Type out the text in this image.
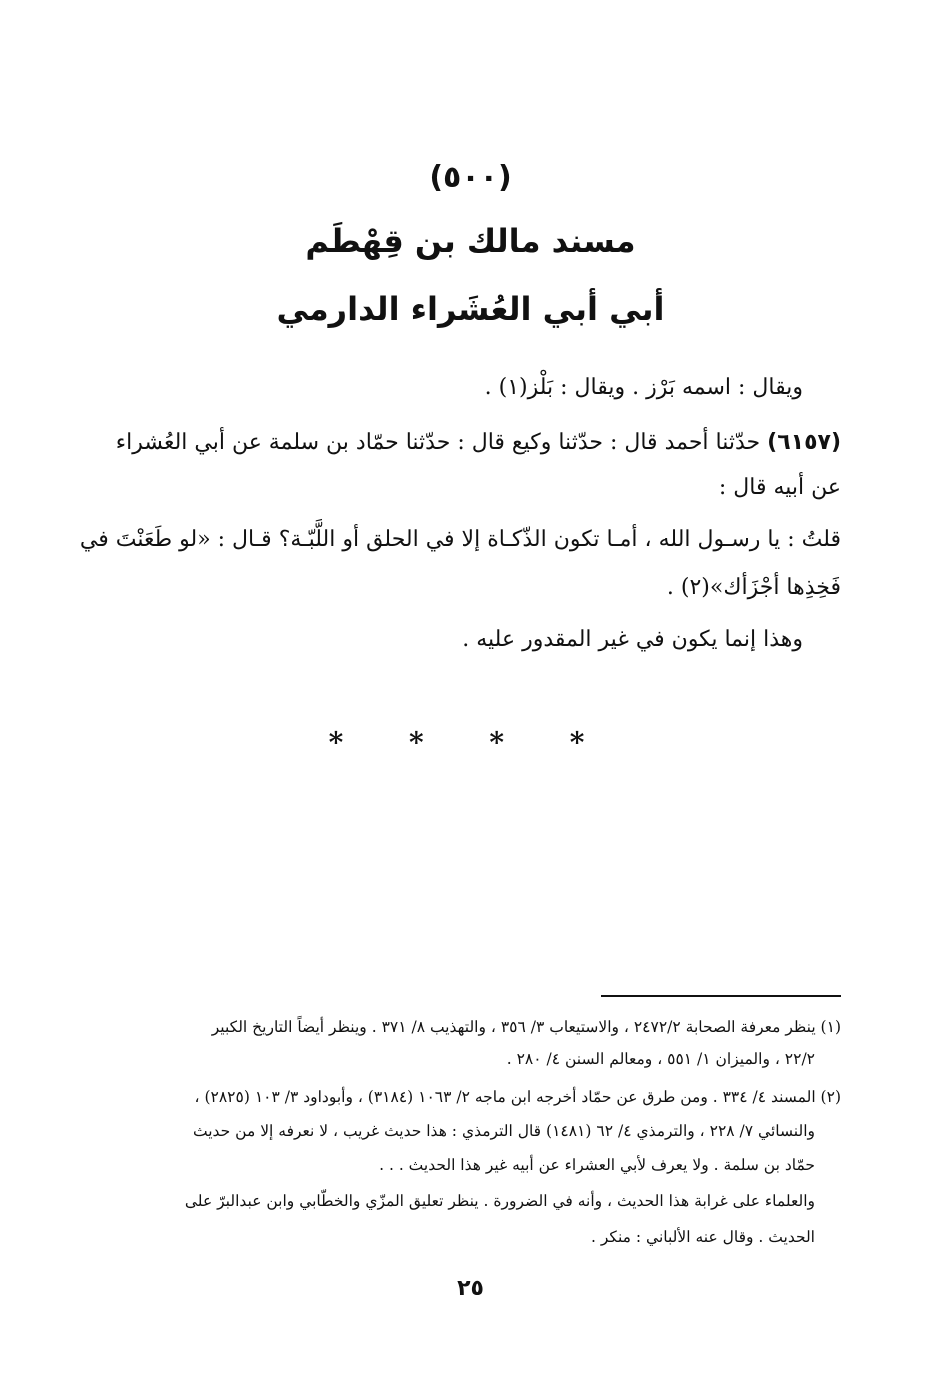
(٥٠٠)
مسند مالك بن قِهْطَم
أبي أبي العُشَراء الدارمي
ويقال : اسمه بَرْز . ويقال : بَلْز(١) .
(٦١٥٧) حدّثنا أحمد قال : حدّثنا وكيع قال : حدّثنا حمّاد بن سلمة عن أبي العُشراء
عن أبيه قال :
قلتُ : يا رسـول الله ، أمـا تكون الذّكـاة إلا في الحلق أو اللَّبّـة؟ قـال : «لو طَعَنْتَ في
فَخِذِها أجْزَأك»(٢) .
وهذا إنما يكون في غير المقدور عليه .
* * * *
(١) ينظر معرفة الصحابة ٢٤٧٢/٢ ، والاستيعاب ٣/ ٣٥٦ ، والتهذيب ٨/ ٣٧١ . وينظر أيضاً التاريخ الكبير
٢٢/٢ ، والميزان ١/ ٥٥١ ، ومعالم السنن ٤/ ٢٨٠ .
(٢) المسند ٤/ ٣٣٤ . ومن طرق عن حمّاد أخرجه ابن ماجه ٢/ ١٠٦٣ (٣١٨٤) ، وأبوداود ٣/ ١٠٣ (٢٨٢٥) ،
والنسائي ٧/ ٢٢٨ ، والترمذي ٤/ ٦٢ (١٤٨١) قال الترمذي : هذا حديث غريب ، لا نعرفه إلا من حديث
حمّاد بن سلمة . ولا يعرف لأبي العشراء عن أبيه غير هذا الحديث . . .
والعلماء على غرابة هذا الحديث ، وأنه في الضرورة . ينظر تعليق المزّي والخطّابي وابن عبدالبرّ على
الحديث . وقال عنه الألباني : منكر .
٢٥
